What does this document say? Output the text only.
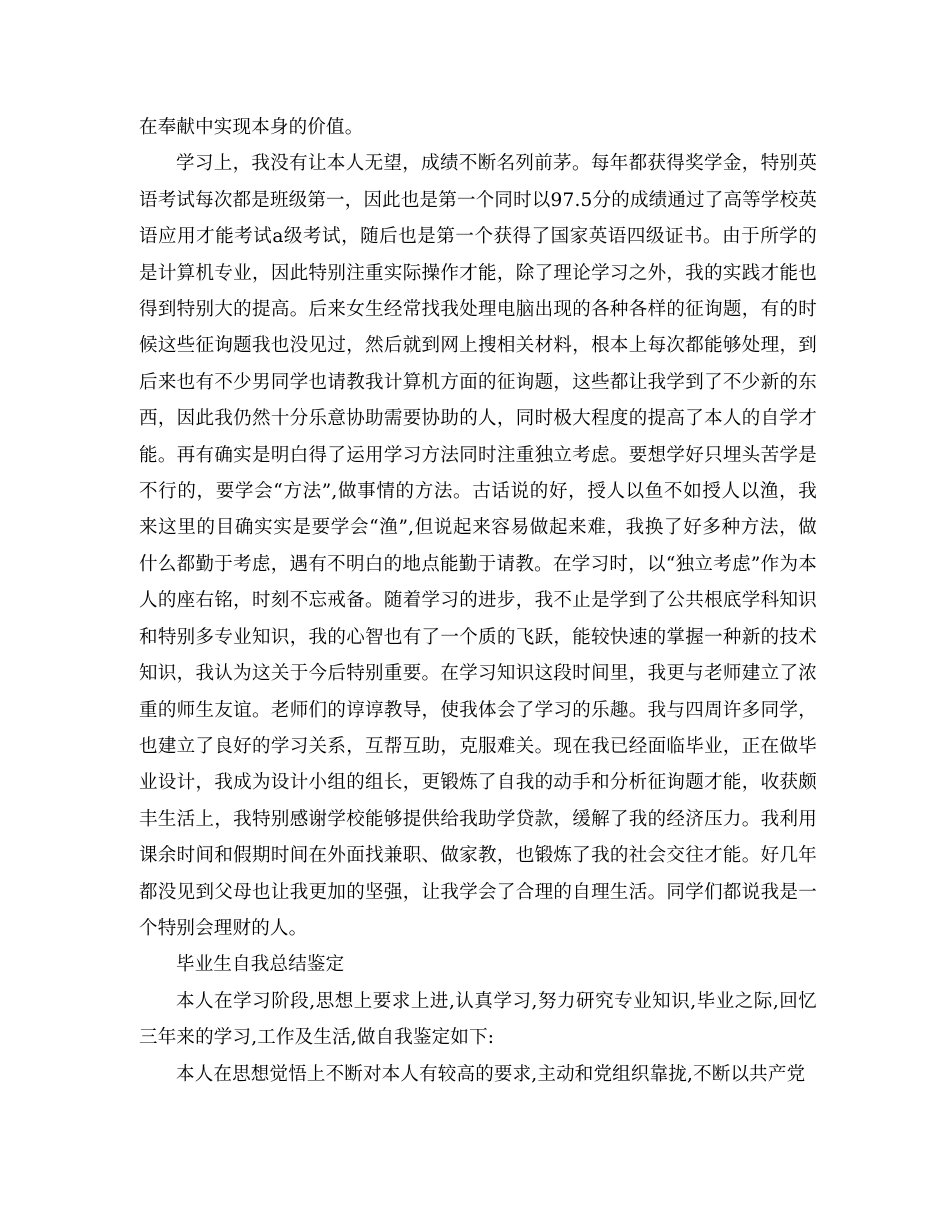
在奉献中实现本身的价值。

学习上，我没有让本人无望，成绩不断名列前茅。每年都获得奖学金，特别英语考试每次都是班级第一，因此也是第一个同时以97.5分的成绩通过了高等学校英语应用才能考试a级考试，随后也是第一个获得了国家英语四级证书。由于所学的是计算机专业，因此特别注重实际操作才能，除了理论学习之外，我的实践才能也得到特别大的提高。后来女生经常找我处理电脑出现的各种各样的征询题，有的时候这些征询题我也没见过，然后就到网上搜相关材料，根本上每次都能够处理，到后来也有不少男同学也请教我计算机方面的征询题，这些都让我学到了不少新的东西，因此我仍然十分乐意协助需要协助的人，同时极大程度的提高了本人的自学才能。再有确实是明白得了运用学习方法同时注重独立考虑。要想学好只埋头苦学是不行的，要学会“方法”,做事情的方法。古话说的好，授人以鱼不如授人以渔，我来这里的目确实实是要学会“渔”,但说起来容易做起来难，我换了好多种方法，做什么都勤于考虑，遇有不明白的地点能勤于请教。在学习时，以“独立考虑”作为本人的座右铭，时刻不忘戒备。随着学习的进步，我不止是学到了公共根底学科知识和特别多专业知识，我的心智也有了一个质的飞跃，能较快速的掌握一种新的技术知识，我认为这关于今后特别重要。在学习知识这段时间里，我更与老师建立了浓重的师生友谊。老师们的谆谆教导，使我体会了学习的乐趣。我与四周许多同学，也建立了良好的学习关系，互帮互助，克服难关。现在我已经面临毕业，正在做毕业设计，我成为设计小组的组长，更锻炼了自我的动手和分析征询题才能，收获颇丰生活上，我特别感谢学校能够提供给我助学贷款，缓解了我的经济压力。我利用课余时间和假期时间在外面找兼职、做家教，也锻炼了我的社会交往才能。好几年都没见到父母也让我更加的坚强，让我学会了合理的自理生活。同学们都说我是一个特别会理财的人。

毕业生自我总结鉴定

本人在学习阶段,思想上要求上进,认真学习,努力研究专业知识,毕业之际,回忆三年来的学习,工作及生活,做自我鉴定如下:

本人在思想觉悟上不断对本人有较高的要求,主动和党组织靠拢,不断以共产党
